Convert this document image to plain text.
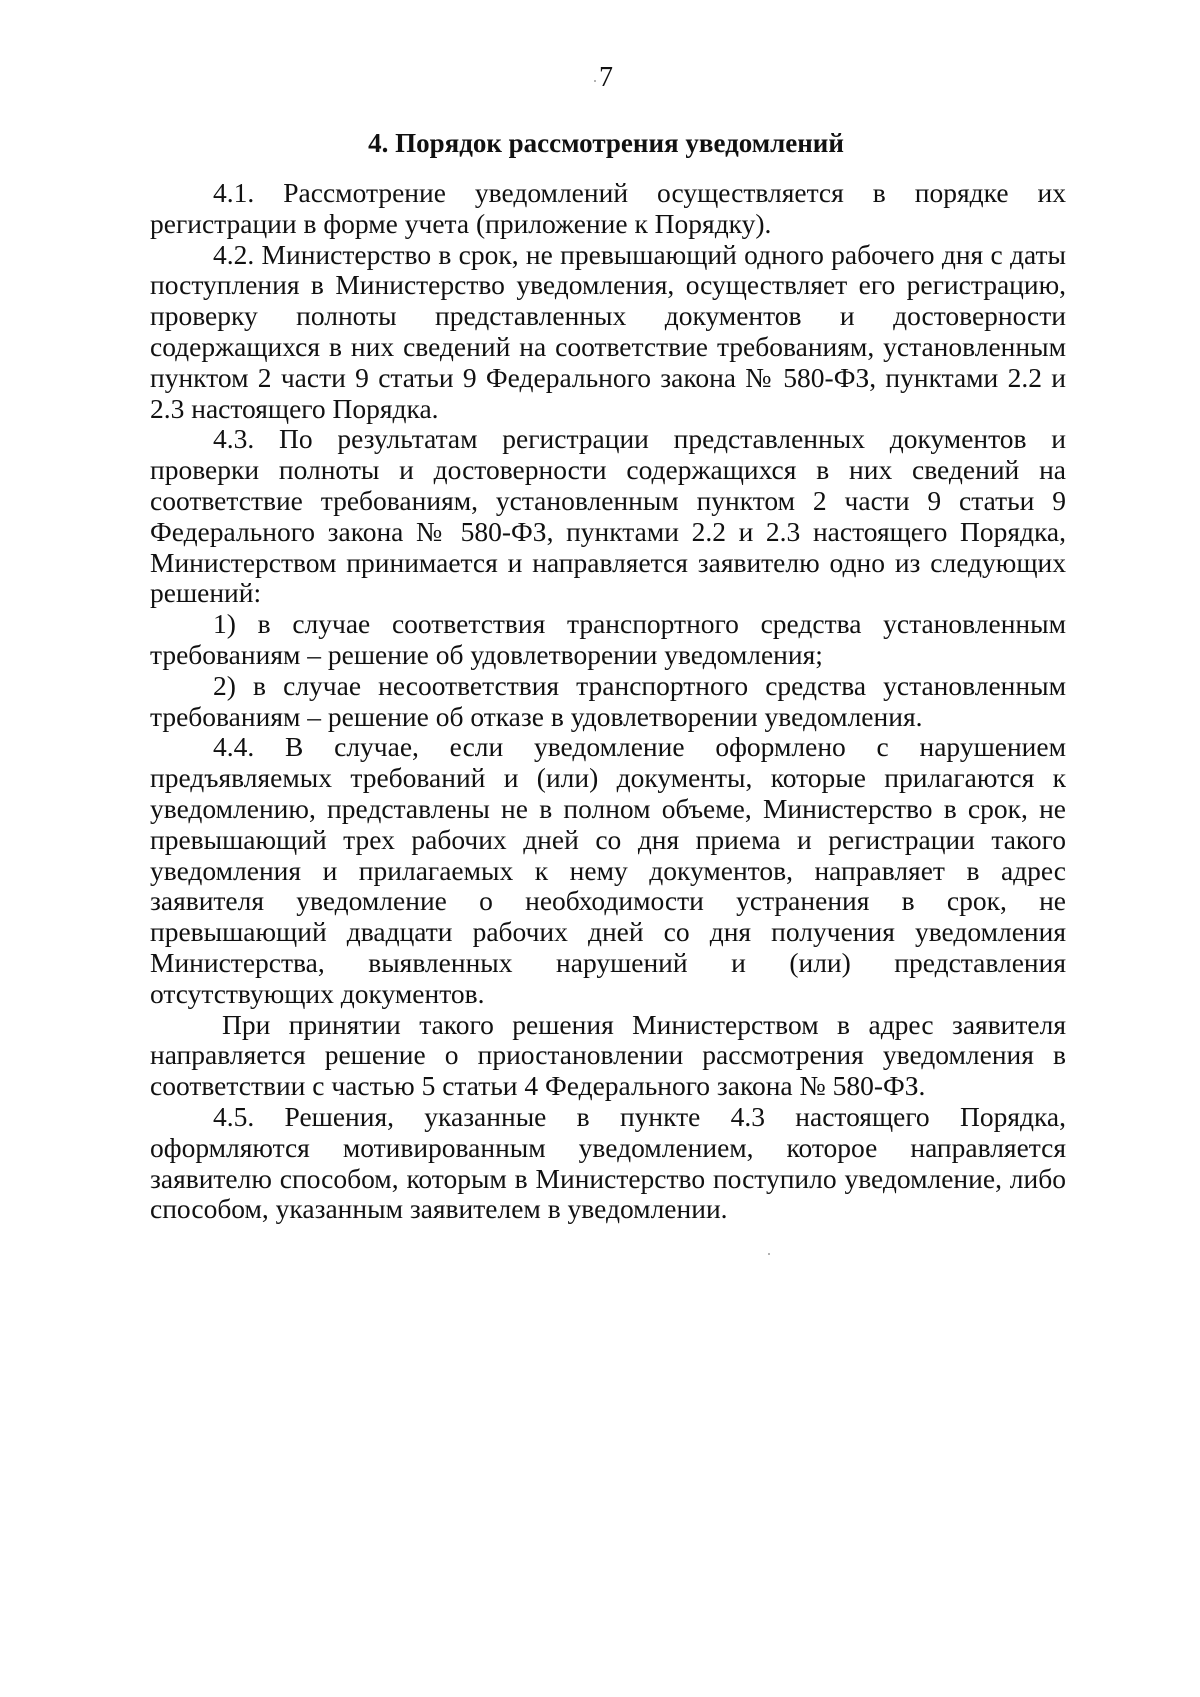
7
4. Порядок рассмотрения уведомлений

4.1. Рассмотрение уведомлений осуществляется в порядке их регистрации в форме учета (приложение к Порядку).

4.2. Министерство в срок, не превышающий одного рабочего дня с даты поступления в Министерство уведомления, осуществляет его регистрацию, проверку полноты представленных документов и достоверности содержащихся в них сведений на соответствие требованиям, установленным пунктом 2 части 9 статьи 9 Федерального закона № 580-ФЗ, пунктами 2.2 и 2.3 настоящего Порядка.

4.3. По результатам регистрации представленных документов и проверки полноты и достоверности содержащихся в них сведений на соответствие требованиям, установленным пунктом 2 части 9 статьи 9 Федерального закона № 580-ФЗ, пунктами 2.2 и 2.3 настоящего Порядка, Министерством принимается и направляется заявителю одно из следующих решений:

1) в случае соответствия транспортного средства установленным требованиям – решение об удовлетворении уведомления;

2) в случае несоответствия транспортного средства установленным требованиям – решение об отказе в удовлетворении уведомления.

4.4. В случае, если уведомление оформлено с нарушением предъявляемых требований и (или) документы, которые прилагаются к уведомлению, представлены не в полном объеме, Министерство в срок, не превышающий трех рабочих дней со дня приема и регистрации такого уведомления и прилагаемых к нему документов, направляет в адрес заявителя уведомление о необходимости устранения в срок, не превышающий двадцати рабочих дней со дня получения уведомления Министерства, выявленных нарушений и (или) представления отсутствующих документов.

При принятии такого решения Министерством в адрес заявителя направляется решение о приостановлении рассмотрения уведомления в соответствии с частью 5 статьи 4 Федерального закона № 580-ФЗ.

4.5. Решения, указанные в пункте 4.3 настоящего Порядка, оформляются мотивированным уведомлением, которое направляется заявителю способом, которым в Министерство поступило уведомление, либо способом, указанным заявителем в уведомлении.
